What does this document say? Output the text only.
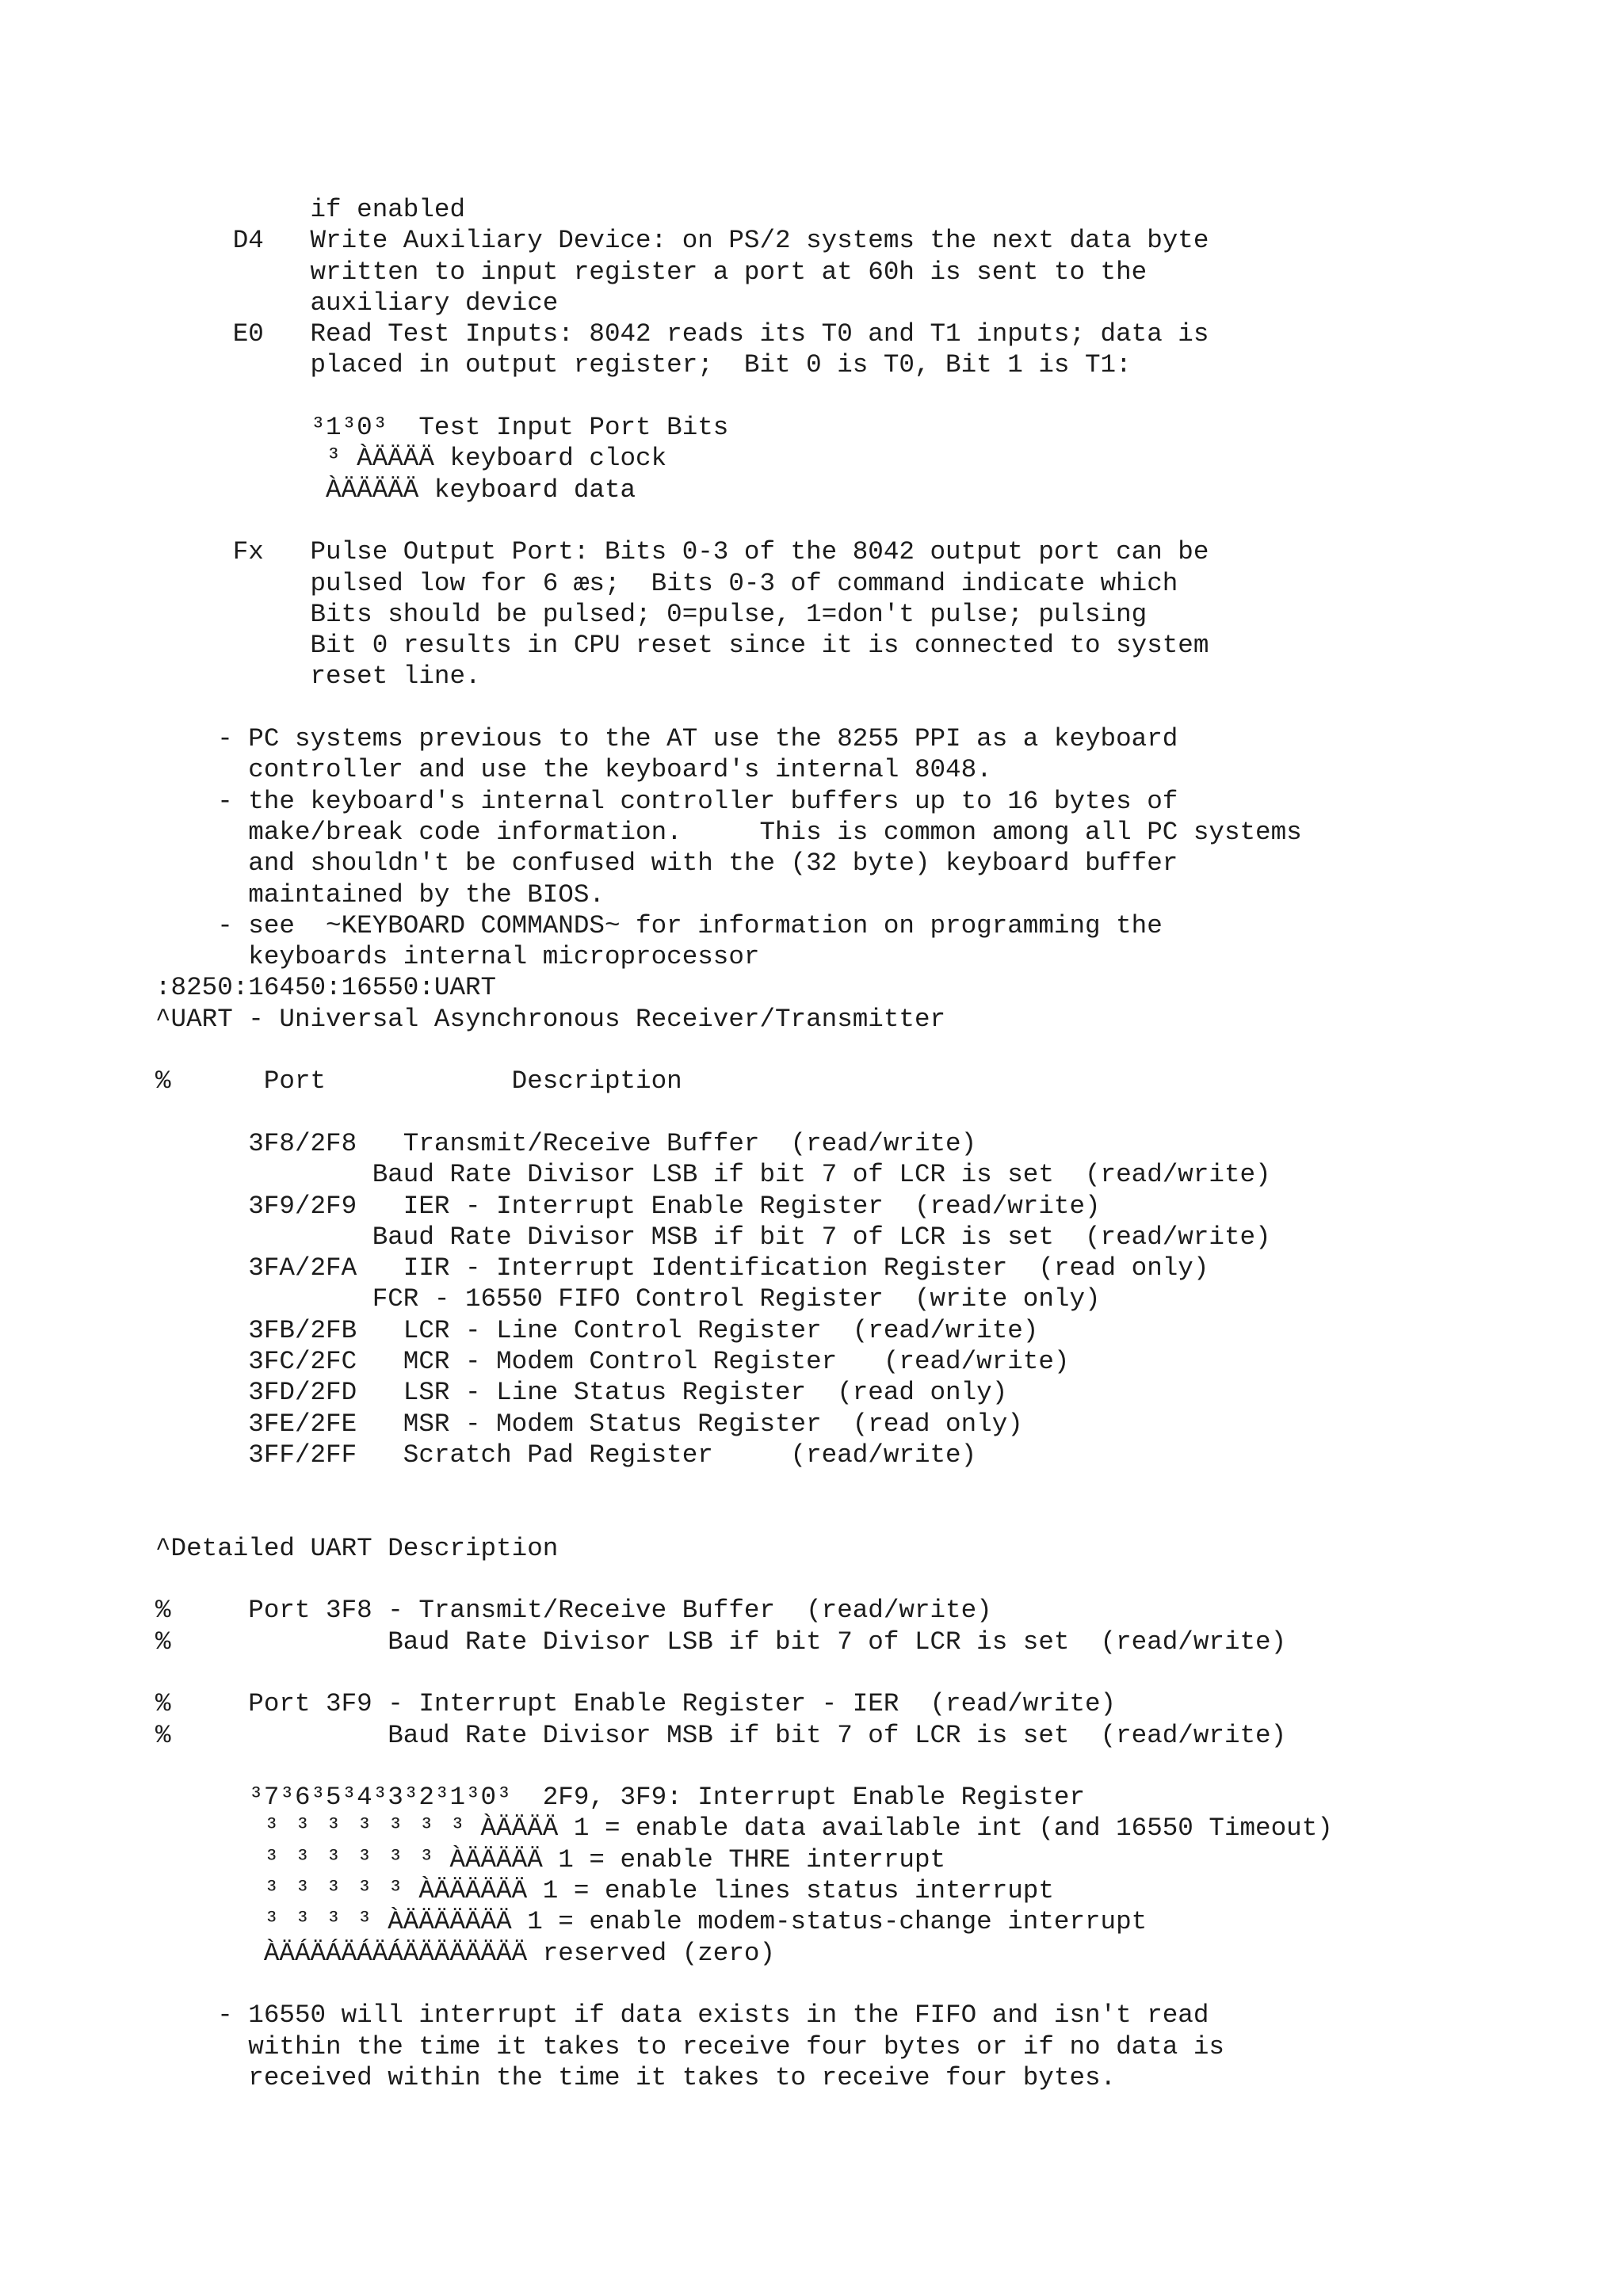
if enabled
D4   Write Auxiliary Device: on PS/2 systems the next data byte
written to input register a port at 60h is sent to the
auxiliary device
E0   Read Test Inputs: 8042 reads its T0 and T1 inputs; data is
placed in output register;  Bit 0 is T0, Bit 1 is T1:
³1³0³  Test Input Port Bits
³ ÀÄÄÄÄ keyboard clock
ÀÄÄÄÄÄ keyboard data
Fx   Pulse Output Port: Bits 0-3 of the 8042 output port can be
pulsed low for 6 æs;  Bits 0-3 of command indicate which
Bits should be pulsed; 0=pulse, 1=don't pulse; pulsing
Bit 0 results in CPU reset since it is connected to system
reset line.
- PC systems previous to the AT use the 8255 PPI as a keyboard
controller and use the keyboard's internal 8048.
- the keyboard's internal controller buffers up to 16 bytes of
make/break code information.     This is common among all PC systems
and shouldn't be confused with the (32 byte) keyboard buffer
maintained by the BIOS.
- see  ~KEYBOARD COMMANDS~ for information on programming the
keyboards internal microprocessor
:8250:16450:16550:UART
^UART - Universal Asynchronous Receiver/Transmitter
%      Port            Description
3F8/2F8   Transmit/Receive Buffer  (read/write)
Baud Rate Divisor LSB if bit 7 of LCR is set  (read/write)
3F9/2F9   IER - Interrupt Enable Register  (read/write)
Baud Rate Divisor MSB if bit 7 of LCR is set  (read/write)
3FA/2FA   IIR - Interrupt Identification Register  (read only)
FCR - 16550 FIFO Control Register  (write only)
3FB/2FB   LCR - Line Control Register  (read/write)
3FC/2FC   MCR - Modem Control Register   (read/write)
3FD/2FD   LSR - Line Status Register  (read only)
3FE/2FE   MSR - Modem Status Register  (read only)
3FF/2FF   Scratch Pad Register     (read/write)
^Detailed UART Description
%     Port 3F8 - Transmit/Receive Buffer  (read/write)
%              Baud Rate Divisor LSB if bit 7 of LCR is set  (read/write)
%     Port 3F9 - Interrupt Enable Register - IER  (read/write)
%              Baud Rate Divisor MSB if bit 7 of LCR is set  (read/write)
³7³6³5³4³3³2³1³0³  2F9, 3F9: Interrupt Enable Register
³ ³ ³ ³ ³ ³ ³ ÀÄÄÄÄ 1 = enable data available int (and 16550 Timeout)
³ ³ ³ ³ ³ ³ ÀÄÄÄÄÄ 1 = enable THRE interrupt
³ ³ ³ ³ ³ ÀÄÄÄÄÄÄ 1 = enable lines status interrupt
³ ³ ³ ³ ÀÄÄÄÄÄÄÄ 1 = enable modem-status-change interrupt
ÀÄÁÄÁÄÁÄÁÄÄÄÄÄÄÄÄ reserved (zero)
- 16550 will interrupt if data exists in the FIFO and isn't read
within the time it takes to receive four bytes or if no data is
received within the time it takes to receive four bytes.
